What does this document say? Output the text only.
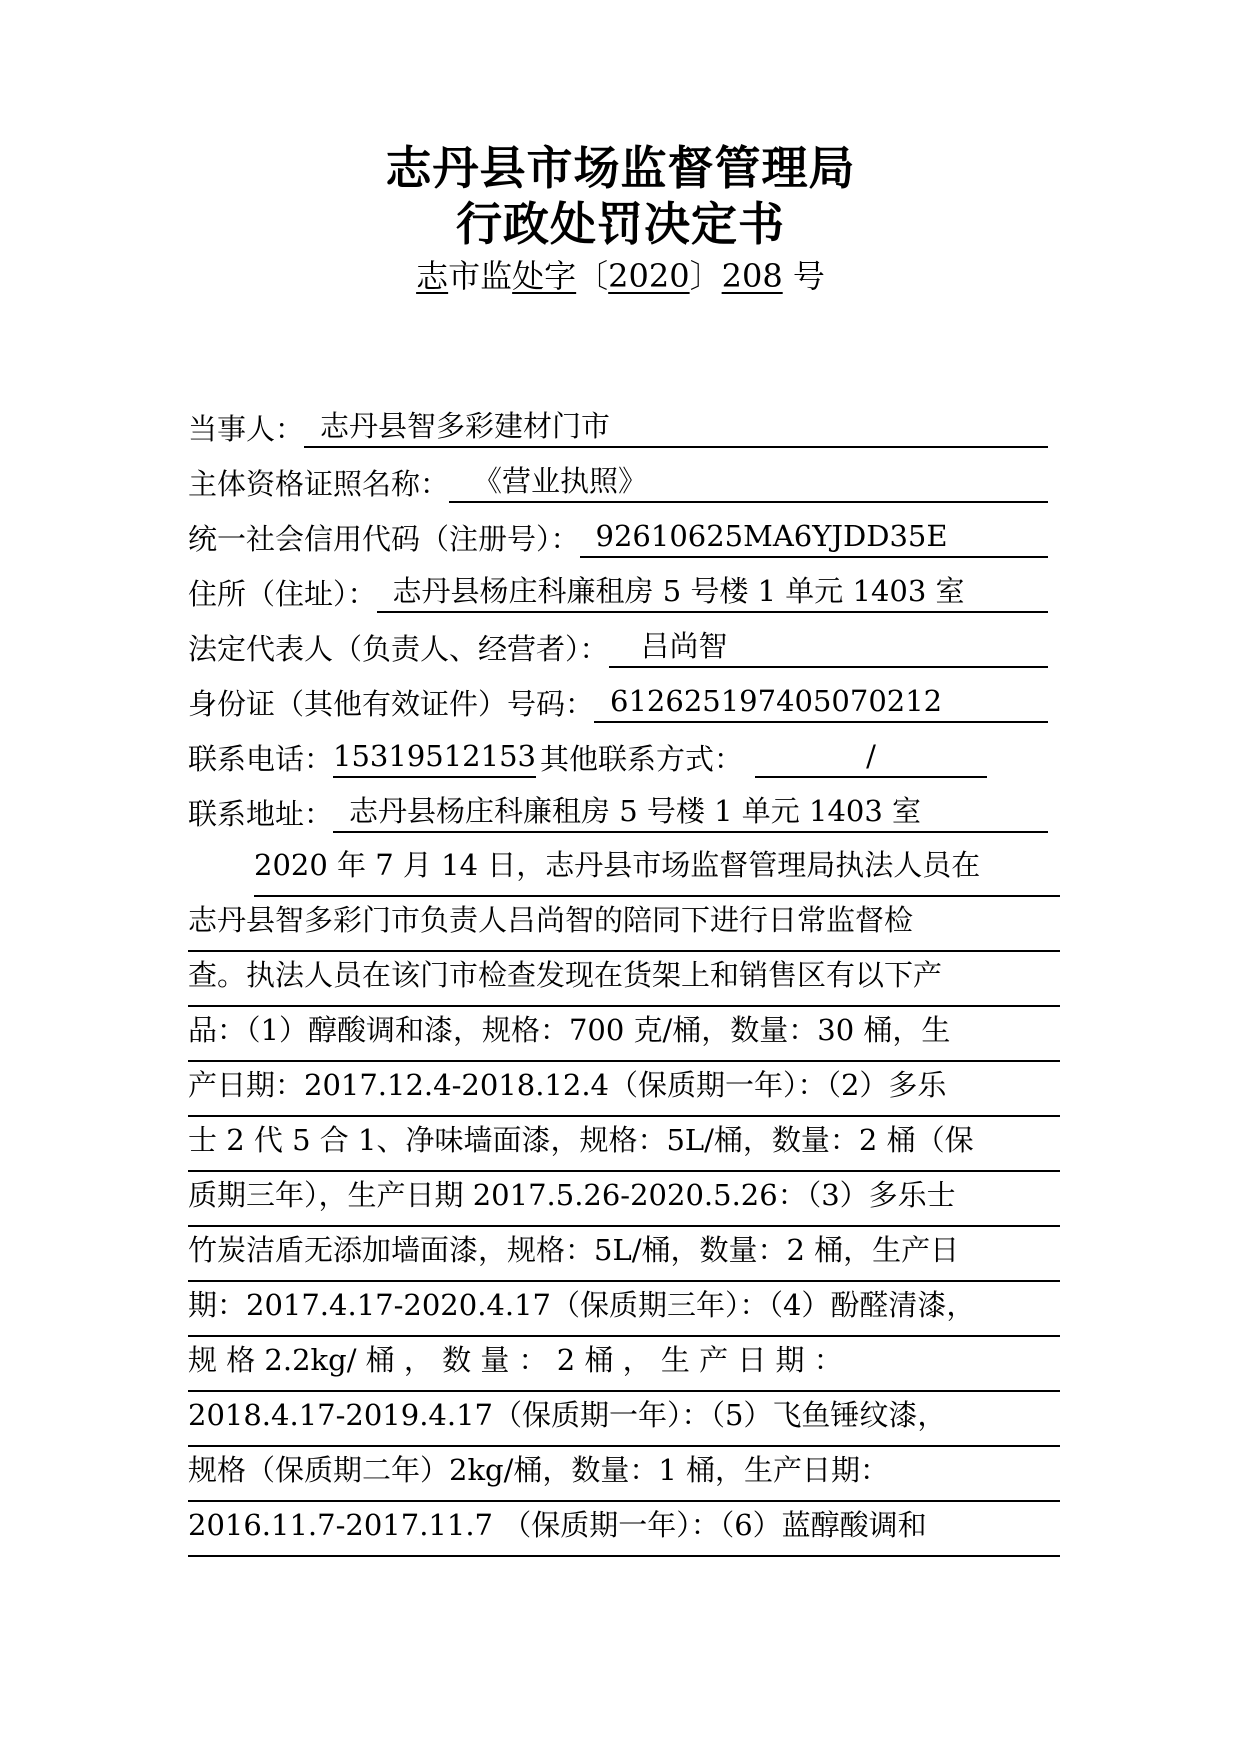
志丹县市场监督管理局
行政处罚决定书
志市监处字〔2020〕208 号
当事人： 志丹县智多彩建材门市
主体资格证照名称： 《营业执照》
统一社会信用代码（注册号）： 92610625MA6YJDD35E
住所（住址）： 志丹县杨庄科廉租房 5 号楼 1 单元 1403 室
法定代表人（负责人、经营者）：	吕尚智
身份证（其他有效证件）号码： 612625197405070212
联系电话： 15319512153 其他联系方式：	/
联系地址： 志丹县杨庄科廉租房 5 号楼 1 单元 1403 室
2020 年 7 月 14 日，志丹县市场监督管理局执法人员在
志丹县智多彩门市负责人吕尚智的陪同下进行日常监督检
查。执法人员在该门市检查发现在货架上和销售区有以下产
品：（1）醇酸调和漆，规格：700 克/桶，数量：30 桶，生
产日期：2017.12.4-2018.12.4（保质期一年）：（2）多乐
士 2 代 5 合 1、净味墙面漆，规格：5L/桶，数量：2 桶（保
质期三年），生产日期 2017.5.26-2020.5.26：（3）多乐士
竹炭洁盾无添加墙面漆，规格：5L/桶，数量：2 桶，生产日
期：2017.4.17-2020.4.17（保质期三年）：（4）酚醛清漆，
规 格 2.2kg/ 桶 ， 数 量 ： 2 桶 ， 生 产 日 期 ：
2018.4.17-2019.4.17（保质期一年）：（5）飞鱼锤纹漆，
规格（保质期二年）2kg/桶，数量：1 桶，生产日期：
2016.11.7-2017.11.7 （保质期一年）：（6）蓝醇酸调和
